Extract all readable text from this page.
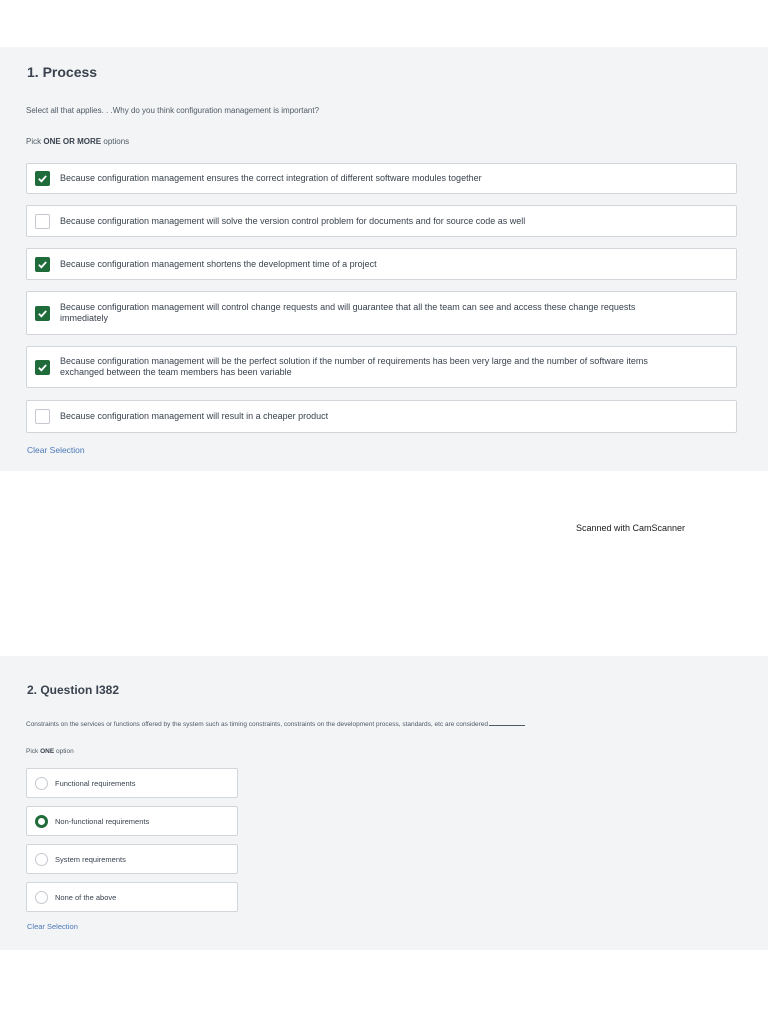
1. Process
Select all that applies. . .Why do you think configuration management is important?
Pick ONE OR MORE options
Because configuration management ensures the correct integration of different software modules together
Because configuration management will solve the version control problem for documents and for source code as well
Because configuration management shortens the development time of a project
Because configuration management will control change requests and will guarantee that all the team can see and access these change requests immediately
Because configuration management will be the perfect solution if the number of requirements has been very large and the number of software items exchanged between the team members has been variable
Because configuration management will result in a cheaper product
Clear Selection
Scanned with CamScanner
2. Question I382
Constraints on the services or functions offered by the system such as timing constraints, constraints on the development process, standards, etc are considered
Pick ONE option
Functional requirements
Non-functional requirements
System requirements
None of the above
Clear Selection
